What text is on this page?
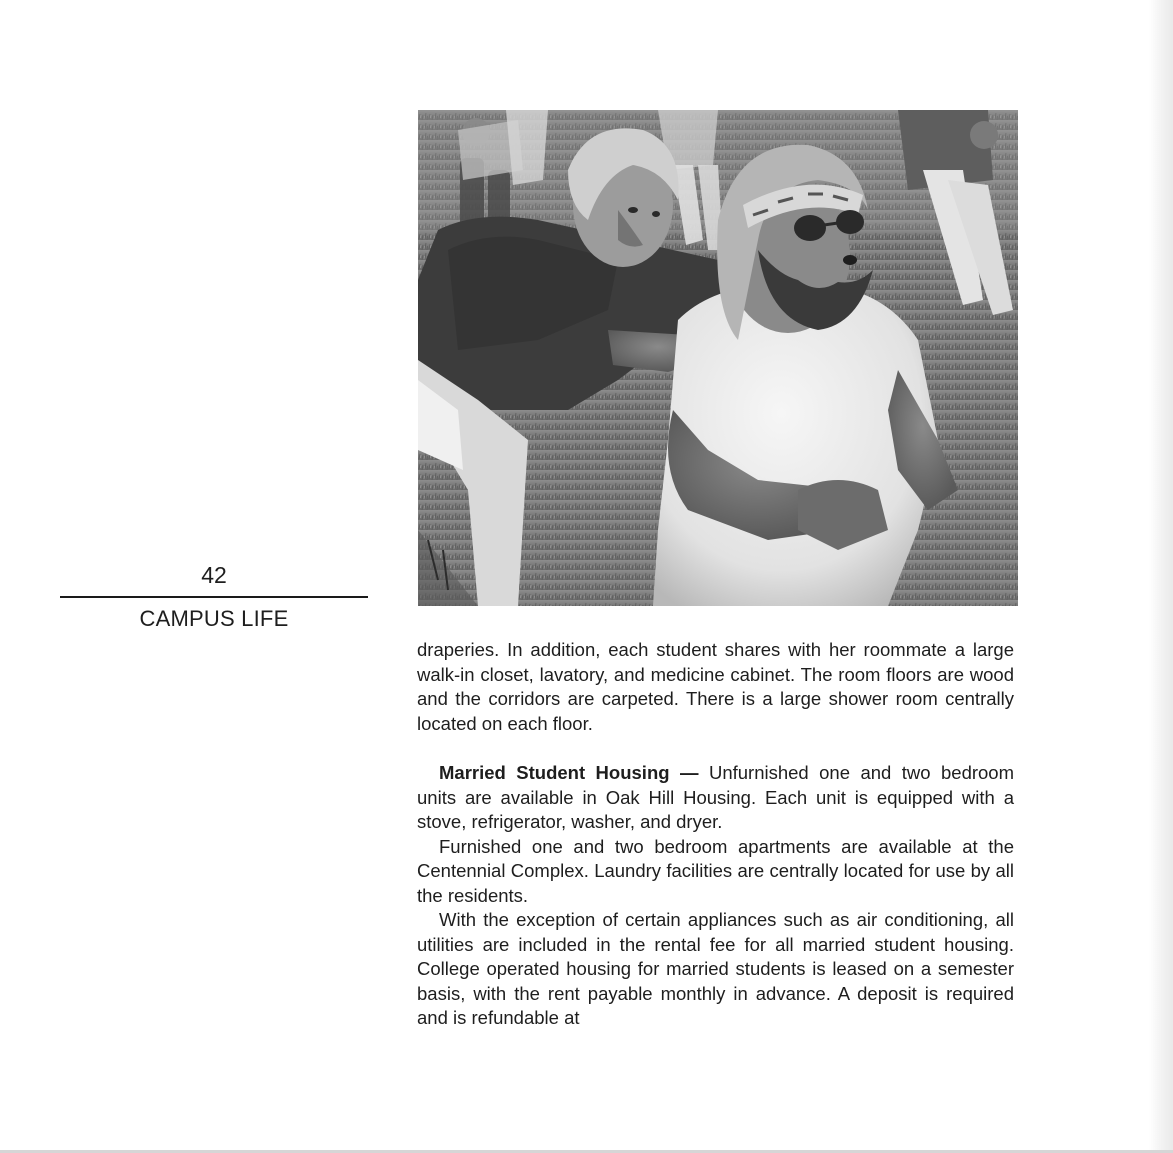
42
CAMPUS LIFE

draperies. In addition, each student shares with her roommate a large walk-in closet, lavatory, and medicine cabinet. The room floors are wood and the corridors are carpeted. There is a large shower room centrally located on each floor.

Married Student Housing — Unfurnished one and two bedroom units are available in Oak Hill Housing. Each unit is equipped with a stove, refrigerator, washer, and dryer.

Furnished one and two bedroom apartments are available at the Centennial Complex. Laundry facilities are centrally located for use by all the residents.

With the exception of certain appliances such as air conditioning, all utilities are included in the rental fee for all married student housing. College operated housing for married students is leased on a semester basis, with the rent payable monthly in advance. A deposit is required and is refundable at
